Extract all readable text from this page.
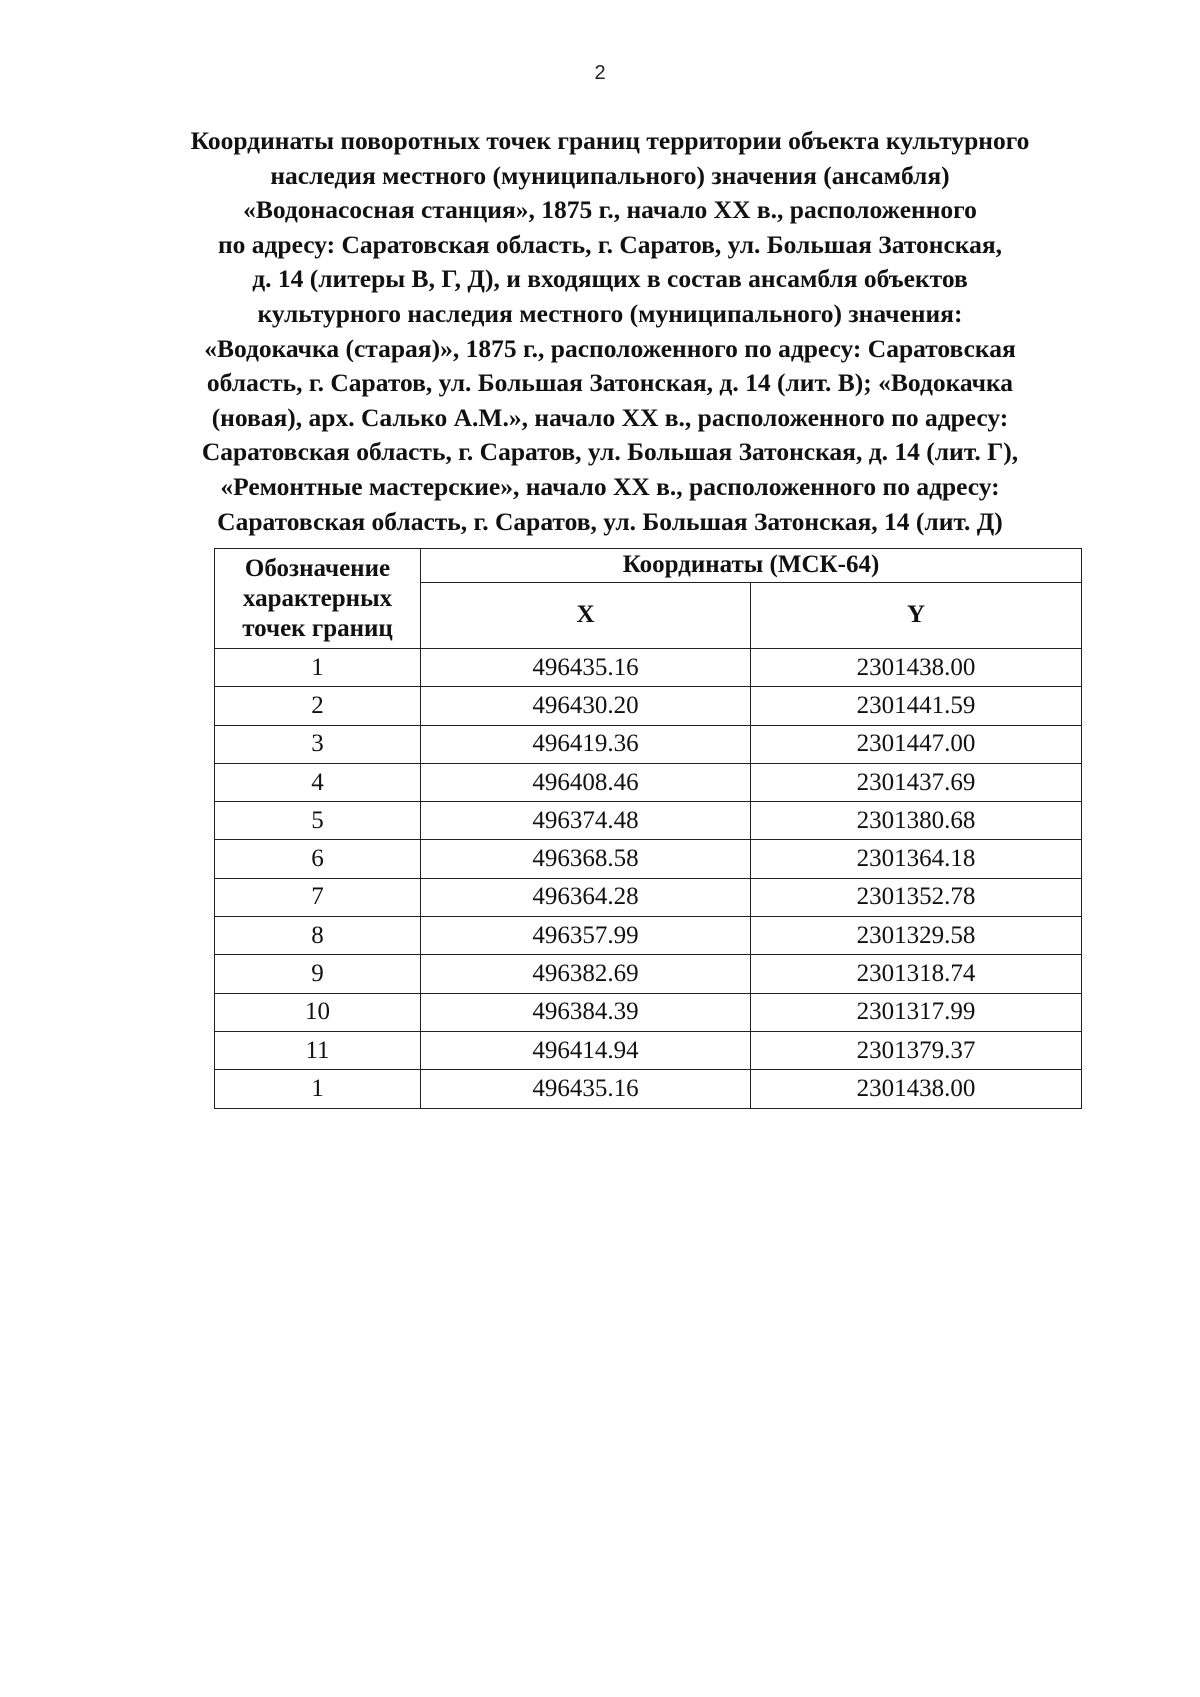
2
Координаты поворотных точек границ территории объекта культурного
наследия местного (муниципального) значения (ансамбля)
«Водонасосная станция», 1875 г., начало XX в., расположенного
по адресу: Саратовская область, г. Саратов, ул. Большая Затонская,
д. 14 (литеры В, Г, Д), и входящих в состав ансамбля объектов
культурного наследия местного (муниципального) значения:
«Водокачка (старая)», 1875 г., расположенного по адресу: Саратовская
область, г. Саратов, ул. Большая Затонская, д. 14 (лит. В); «Водокачка
(новая), арх. Салько А.М.», начало XX в., расположенного по адресу:
Саратовская область, г. Саратов, ул. Большая Затонская, д. 14 (лит. Г),
«Ремонтные мастерские», начало XX в., расположенного по адресу:
Саратовская область, г. Саратов, ул. Большая Затонская, 14 (лит. Д)
Обозначение характерных точек границ	Координаты (МСК-64)	
	X	Y
1	496435.16	2301438.00
2	496430.20	2301441.59
3	496419.36	2301447.00
4	496408.46	2301437.69
5	496374.48	2301380.68
6	496368.58	2301364.18
7	496364.28	2301352.78
8	496357.99	2301329.58
9	496382.69	2301318.74
10	496384.39	2301317.99
11	496414.94	2301379.37
1	496435.16	2301438.00
